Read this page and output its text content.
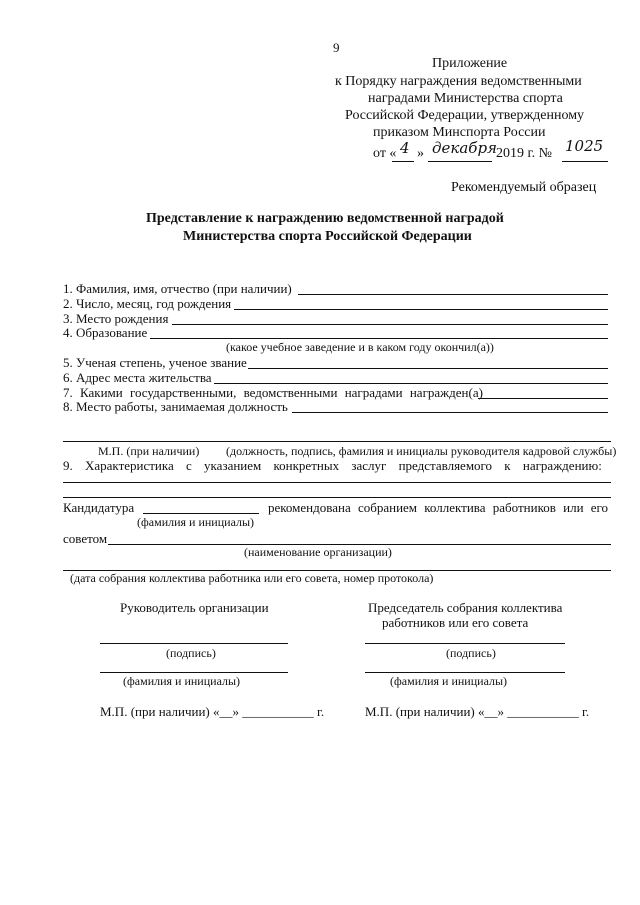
9
Приложение
к Порядку награждения ведомственными
наградами Министерства спорта
Российской Федерации, утвержденному
приказом Минспорта России
от « 4 » декабря 2019 г. № 1025
Рекомендуемый образец
Представление к награждению ведомственной наградой
Министерства спорта Российской Федерации
1. Фамилия, имя, отчество (при наличии)
2. Число, месяц, год рождения
3. Место рождения
4. Образование
(какое учебное заведение и в каком году окончил(а))
5. Ученая степень, ученое звание
6. Адрес места жительства
7. Какими государственными, ведомственными наградами награжден(а)
8. Место работы, занимаемая должность
М.П. (при наличии) (должность, подпись, фамилия и инициалы руководителя кадровой службы)
9. Характеристика с указанием конкретных заслуг представляемого к награждению:
Кандидатура	рекомендована собранием коллектива работников или его
(фамилия и инициалы)
советом
(наименование организации)
(дата собрания коллектива работника или его совета, номер протокола)
Руководитель организации	Председатель собрания коллектива
работников или его совета
(подпись)	(подпись)
(фамилия и инициалы)	(фамилия и инициалы)
М.П. (при наличии) «__» ___________ г.	М.П. (при наличии) «__» ___________ г.
